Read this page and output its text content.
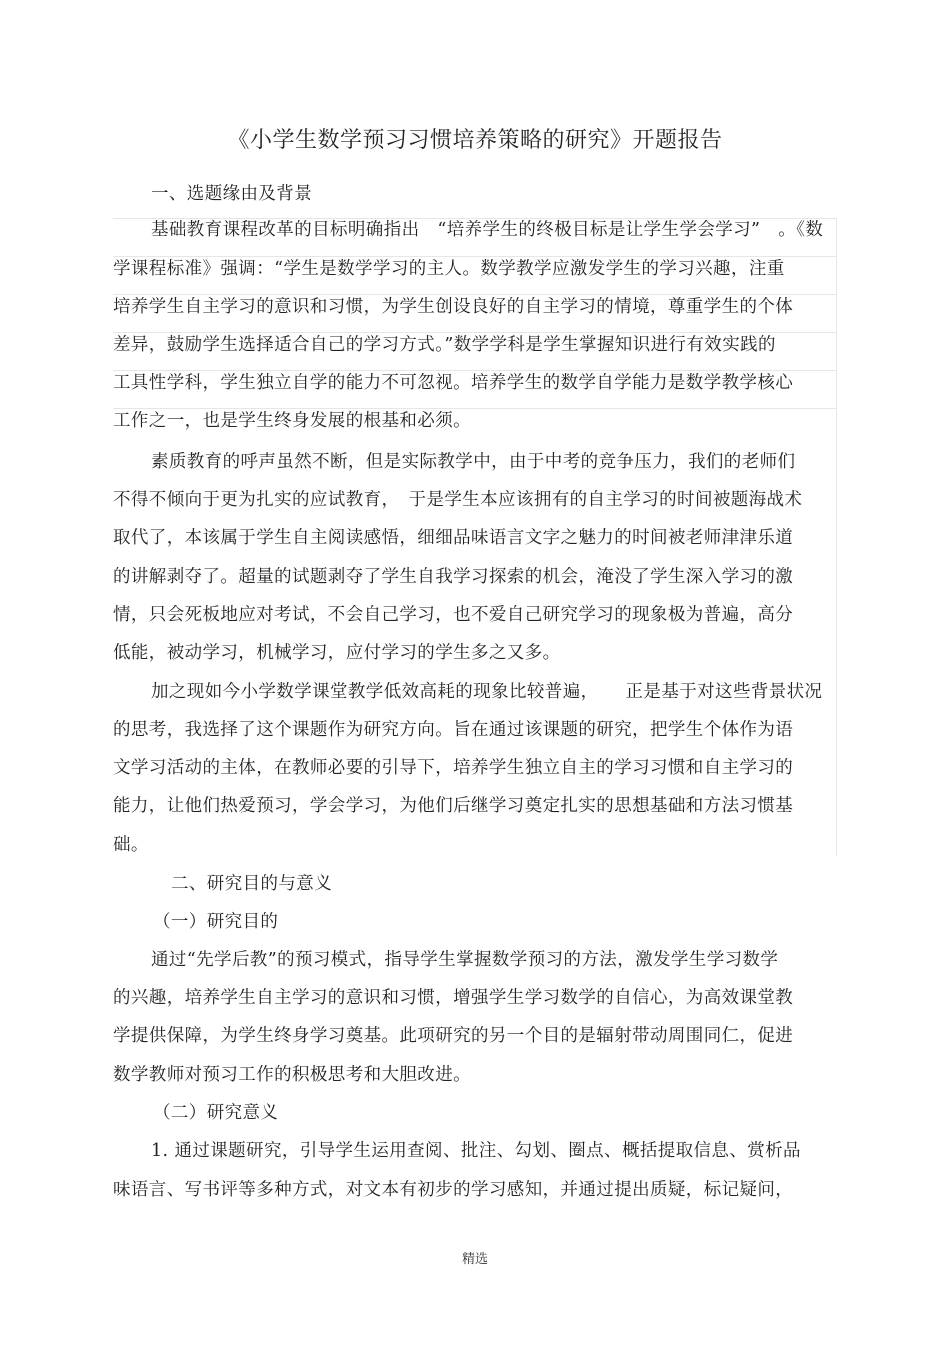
《小学生数学预习习惯培养策略的研究》开题报告
一、选题缘由及背景
基础教育课程改革的目标明确指出　“培养学生的终极目标是让学生学会学习”　。《数
学课程标准》强调：“学生是数学学习的主人。数学教学应激发学生的学习兴趣，注重
培养学生自主学习的意识和习惯，为学生创设良好的自主学习的情境，尊重学生的个体
差异，鼓励学生选择适合自己的学习方式。”数学学科是学生掌握知识进行有效实践的
工具性学科，学生独立自学的能力不可忽视。培养学生的数学自学能力是数学教学核心
工作之一，也是学生终身发展的根基和必须。
素质教育的呼声虽然不断，但是实际教学中，由于中考的竞争压力，我们的老师们
不得不倾向于更为扎实的应试教育，　于是学生本应该拥有的自主学习的时间被题海战术
取代了，本该属于学生自主阅读感悟，细细品味语言文字之魅力的时间被老师津津乐道
的讲解剥夺了。超量的试题剥夺了学生自我学习探索的机会，淹没了学生深入学习的激
情，只会死板地应对考试，不会自己学习，也不爱自己研究学习的现象极为普遍，高分
低能，被动学习，机械学习，应付学习的学生多之又多。
加之现如今小学数学课堂教学低效高耗的现象比较普遍，　　正是基于对这些背景状况
的思考，我选择了这个课题作为研究方向。旨在通过该课题的研究，把学生个体作为语
文学习活动的主体，在教师必要的引导下，培养学生独立自主的学习习惯和自主学习的
能力，让他们热爱预习，学会学习，为他们后继学习奠定扎实的思想基础和方法习惯基
础。
二、研究目的与意义
（一）研究目的
通过“先学后教”的预习模式，指导学生掌握数学预习的方法，激发学生学习数学
的兴趣，培养学生自主学习的意识和习惯，增强学生学习数学的自信心，为高效课堂教
学提供保障，为学生终身学习奠基。此项研究的另一个目的是辐射带动周围同仁，促进
数学教师对预习工作的积极思考和大胆改进。
（二）研究意义
1. 通过课题研究，引导学生运用查阅、批注、勾划、圈点、概括提取信息、赏析品
味语言、写书评等多种方式，对文本有初步的学习感知，并通过提出质疑，标记疑问，
精选
